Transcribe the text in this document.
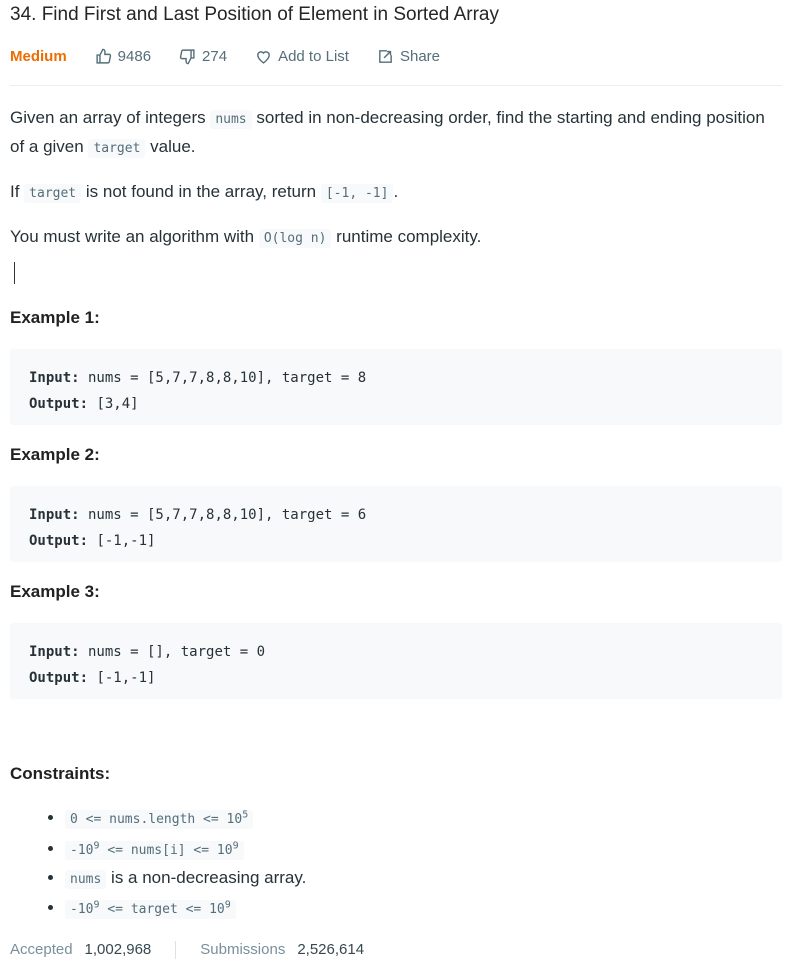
34. Find First and Last Position of Element in Sorted Array
Medium	9486	274	Add to List	Share

Given an array of integers nums sorted in non-decreasing order, find the starting and ending position of a given target value.

If target is not found in the array, return [-1, -1] .

You must write an algorithm with O(log n) runtime complexity.

Example 1:
Input: nums = [5,7,7,8,8,10], target = 8
Output: [3,4]
Example 2:
Input: nums = [5,7,7,8,8,10], target = 6
Output: [-1,-1]
Example 3:
Input: nums = [], target = 0
Output: [-1,-1]
Constraints:
• 0 <= nums.length <= $10^5$
• $-10^9$ <= nums[i] <= $10^9$
• nums is a non-decreasing array.
• $-10^9$ <= target <= $10^9$
Accepted 1,002,968	Submissions 2,526,614
